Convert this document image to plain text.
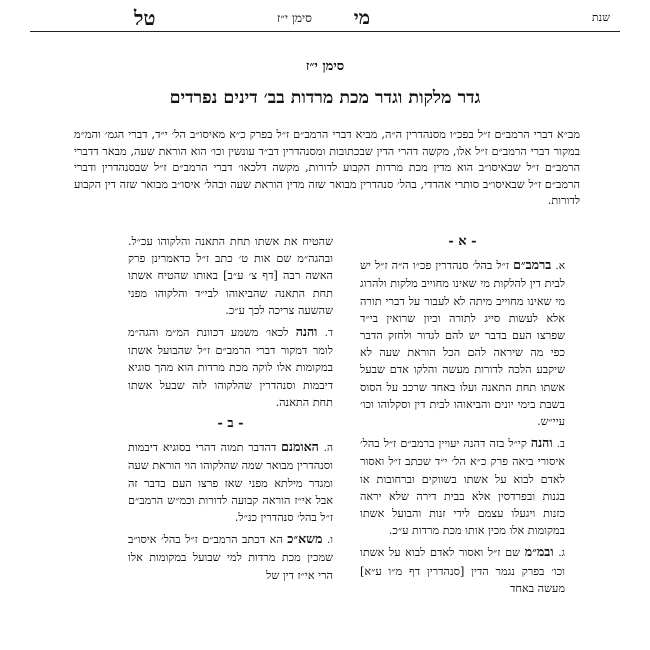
שנת
מי
סימן י״ז
טל
סימן י״ז
גדר מלקות וגדר מכת מרדות בב׳ דינים נפרדים

מב״א דברי הרמב״ם ז״ל בפכ״ו מסנהדרין ה״ה, מביא דברי הרמב״ם ז״ל בפרק כ״א מאיסו״ב הל׳ י״ד, דברי הגמ׳ והמ״מ במקור דברי הרמב״ם ז״ל אלו, מקשה דהרי הדין שבכתובות ומסנהדרין דב״ד עונשין וכו׳ הוא הוראת שעה, מבאר דדברי הרמב״ם ז״ל שבאיסו״ב הוא מדין מכת מרדות הקבוע לדורות, מקשה דלכאו׳ דברי הרמב״ם ז״ל שבסנהדרין ודברי הרמב״ם ז״ל שבאיסו״ב סותרי אהדדי, בהל׳ סנהדרין מבואר שזה מדין הוראת שעה ובהל׳ איסו״ב מבואר שזה דין הקבוע לדורות.

- א -

א. ברמב״ם ז״ל בהל׳ סנהדרין פכ״ו ה״ה ז״ל יש לבית דין להלקות מי שאינו מחוייב מלקות ולהרוג מי שאינו מחוייב מיתה לא לעבור על דברי תורה אלא לעשות סייג לתורה וכיון שרואין בי״ד שפרצו העם בדבר יש להם לגדור ולחזק הדבר כפי מה שיראה להם הכל הוראת שעה לא שיקבע הלכה לדורות מעשה והלקו אדם שבעל אשתו תחת התאנה ועלו באחד שרכב על הסוס בשבת בימי יונים והביאוהו לבית דין וסקלוהו וכו׳ עיי״ש.

ב. והנה קי״ל בזה דהנה יעויין ברמב״ם ז״ל בהל׳ איסורי ביאה פרק כ״א הל׳ י״ד שכתב ז״ל ואסור לאדם לבוא על אשתו בשווקים וברחובות או בגנות ובפרדסין אלא בבית דירה שלא יראה כזנות ויגעלו עצמם לידי זנות והבועל אשתו במקומות אלו מכין אותו מכת מרדות ע״כ.

ג. ובמ״מ שם ז״ל ואסור לאדם לבוא על אשתו וכו׳ בפרק נגמר הדין [סנהדרין דף מ״ו ע״א] מעשה באחד

שהטיח את אשתו תחת התאנה והלקוהו עכ״ל. ובהגה״מ שם אות ט׳ כתב ז״ל כדאמרינן פרק האשה רבה [דף צ׳ ע״ב] באותו שהטיח אשתו תחת התאנה שהביאוהו לבי״ד והלקוהו מפני שהשעה צריכה לכך ע״כ.

ד. והנה לכאו׳ משמע דכוונת המ״מ והגה״מ לומר דמקור דברי הרמב״ם ז״ל שהבועל אשתו במקומות אלו לוקה מכת מרדות הוא מהך סוגיא דיבמות וסנהדרין שהלקוהו לזה שבעל אשתו תחת התאנה.

- ב -

ה. האומנם דהדבר תמוה דהרי בסוגיא דיבמות וסנהדרין מבואר שמה שהלקוהו הוי הוראת שעה ומגדר מילתא מפני שאז פרצו העם בדבר זה אבל אי״ז הוראה קבועה לדורות וכמ״ש הרמב״ם ז״ל בהל׳ סנהדרין כנ״ל.

ו. משא״כ הא דכתב הרמב״ם ז״ל בהל׳ איסו״ב שמכין מכת מרדות למי שבועל במקומות אלו הרי אי״ז דין של
